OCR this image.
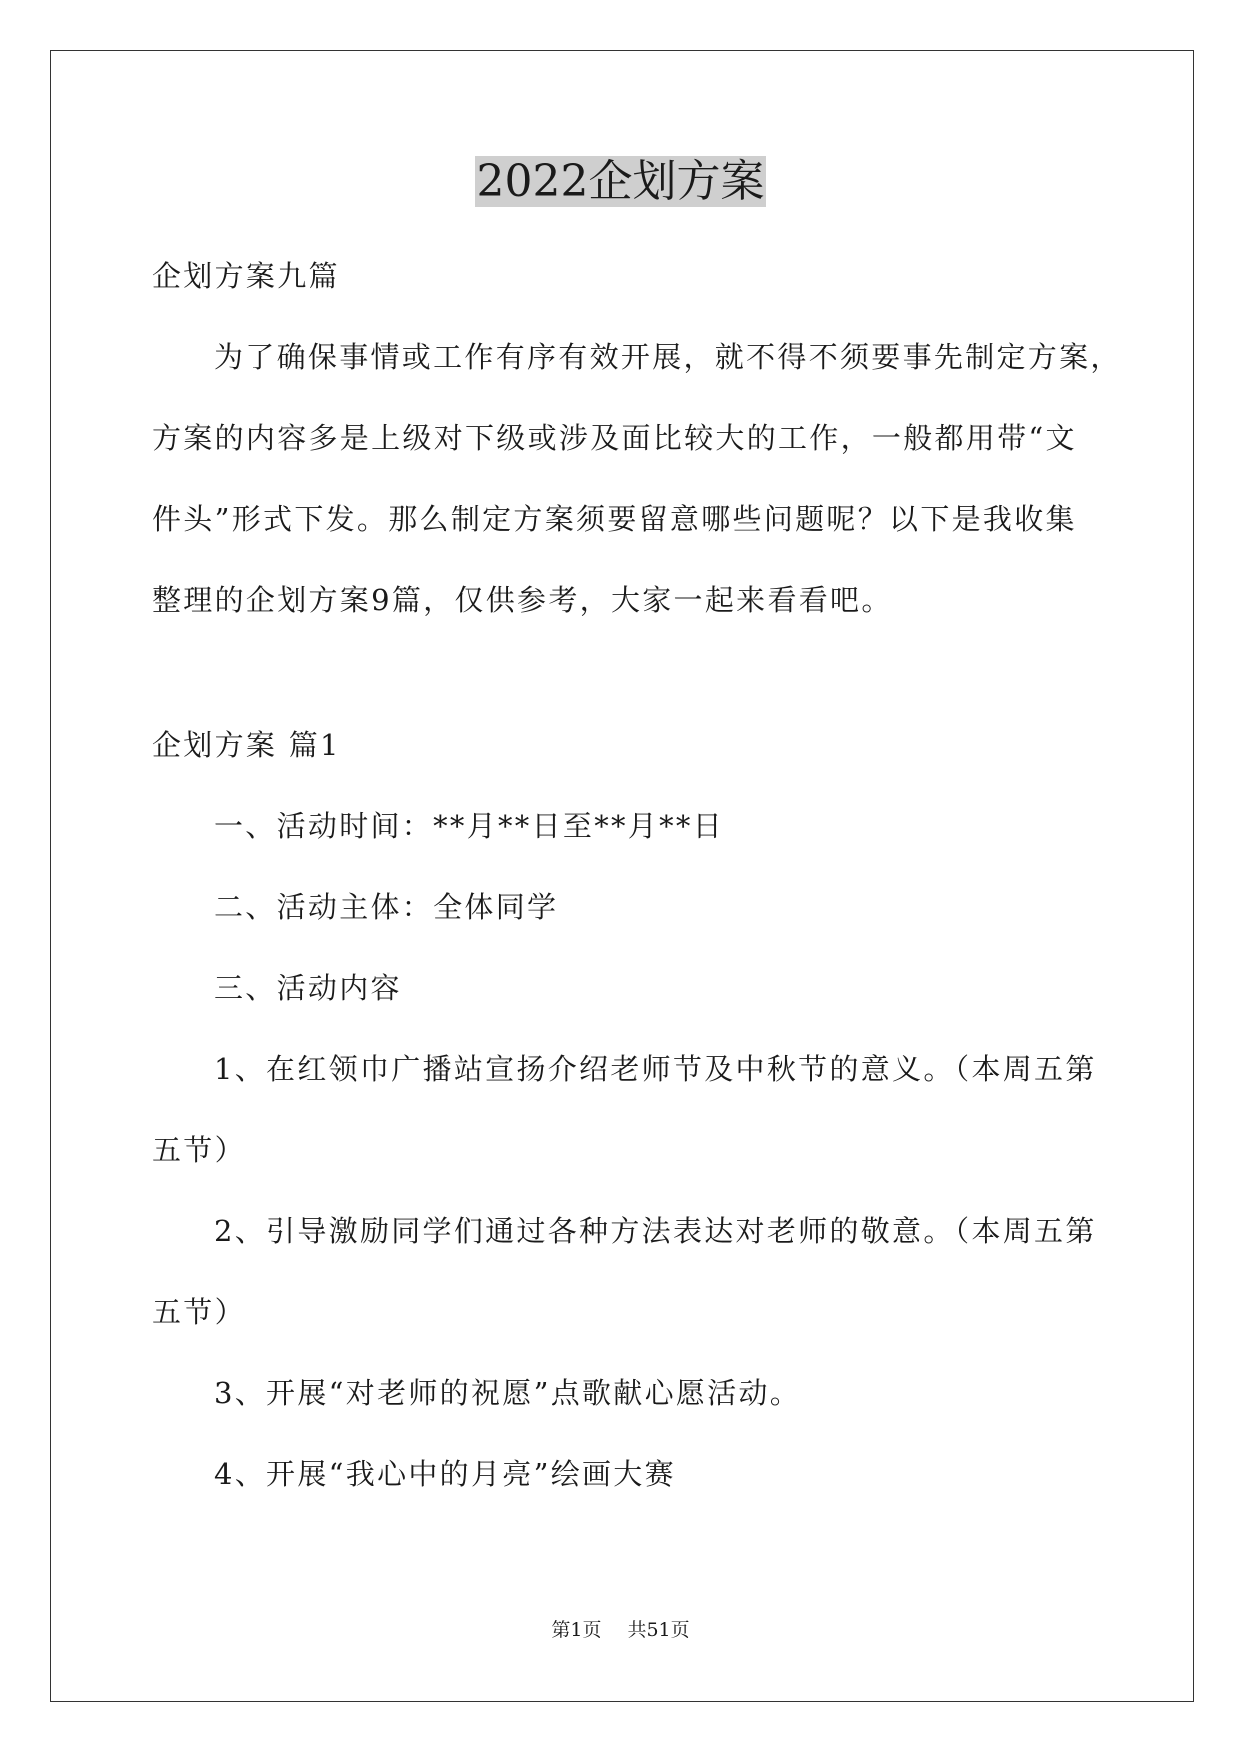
2022企划方案

企划方案九篇

为了确保事情或工作有序有效开展，就不得不须要事先制定方案，

方案的内容多是上级对下级或涉及面比较大的工作，一般都用带“文

件头”形式下发。那么制定方案须要留意哪些问题呢？以下是我收集

整理的企划方案9篇，仅供参考，大家一起来看看吧。

企划方案 篇1

一、活动时间：**月**日至**月**日

二、活动主体：全体同学

三、活动内容

1、在红领巾广播站宣扬介绍老师节及中秋节的意义。（本周五第

五节）

2、引导激励同学们通过各种方法表达对老师的敬意。（本周五第

五节）

3、开展“对老师的祝愿”点歌献心愿活动。

4、开展“我心中的月亮”绘画大赛

第1页 共51页
